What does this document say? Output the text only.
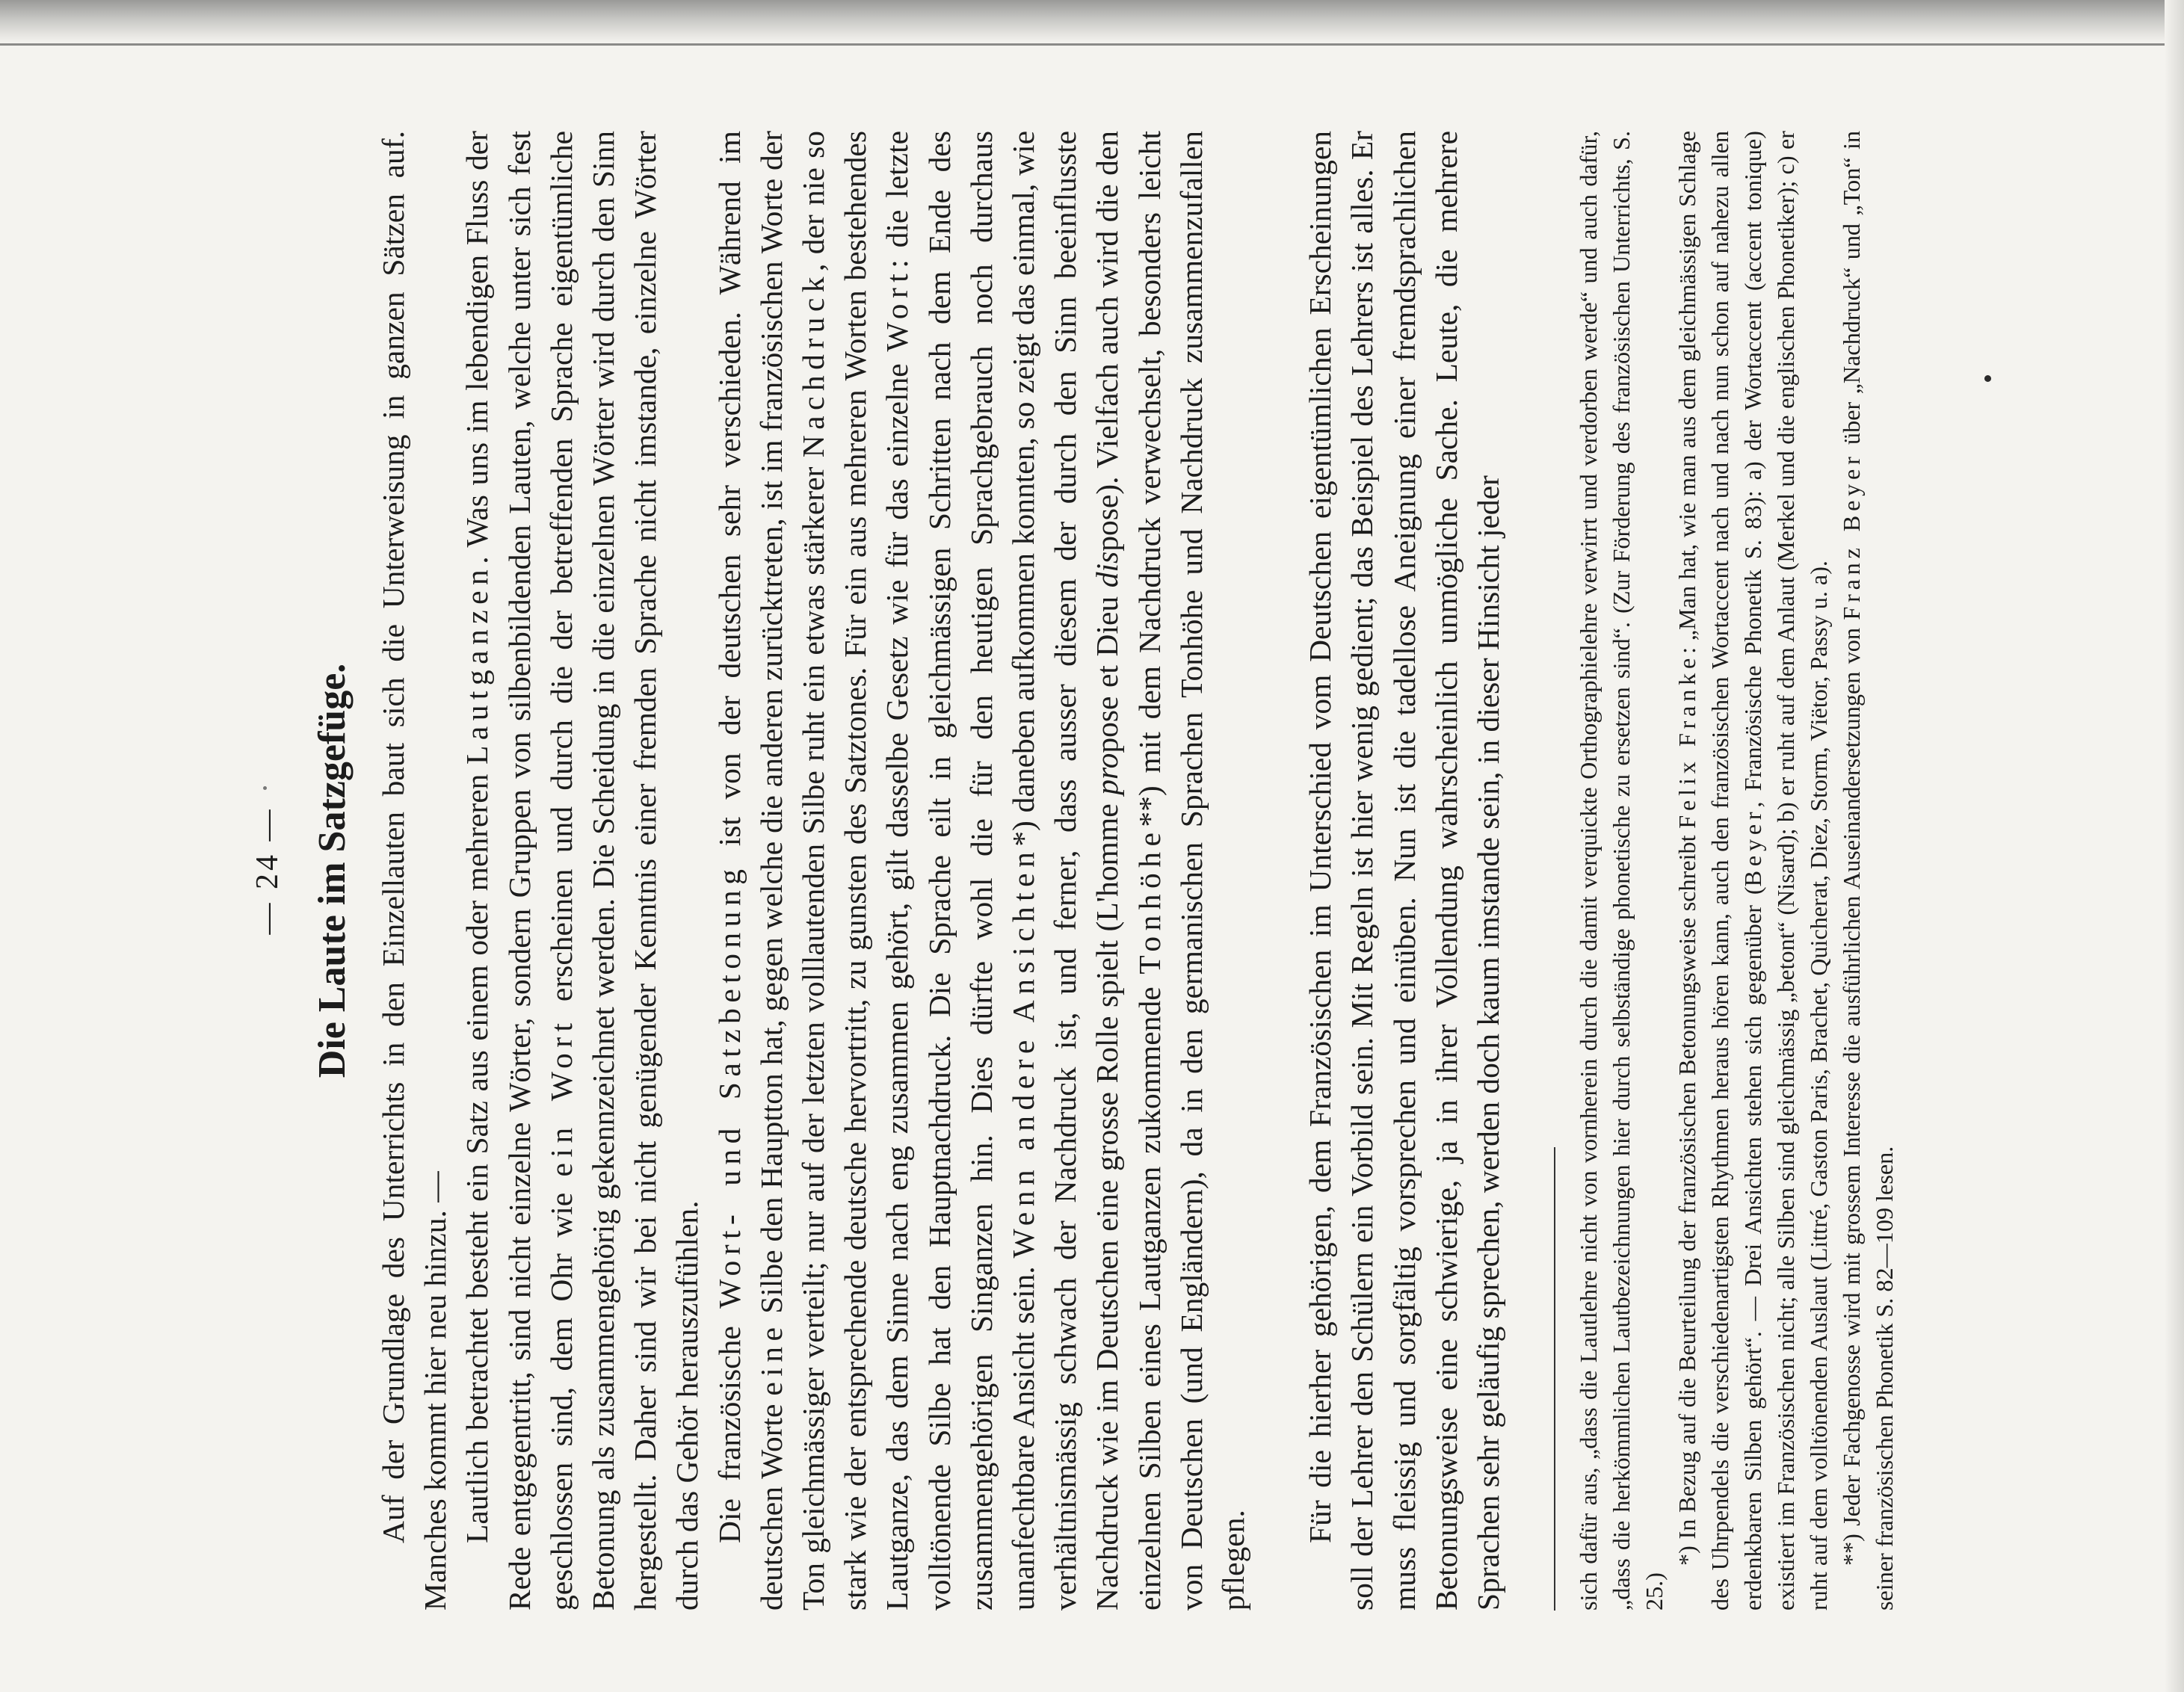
— 24 — Die Laute im Satzgefüge. Auf der Grundlage des Unterrichts in den Einzellauten baut sich die Unterweisung in ganzen Sätzen auf. Manches kommt hier neu hinzu. — Lautlich betrachtet besteht ein Satz aus einem oder mehreren Lautganzen. Was uns im lebendigen Fluss der Rede entgegentritt, sind nicht einzelne Wörter, sondern Gruppen von silbenbildenden Lauten, welche unter sich fest geschlossen sind, dem Ohr wie ein Wort erscheinen und durch die der betreffenden Sprache eigentümliche Betonung als zusammengehörig gekennzeichnet werden. Die Scheidung in die einzelnen Wörter wird durch den Sinn hergestellt. Daher sind wir bei nicht genügender Kenntnis einer fremden Sprache nicht imstande, einzelne Wörter durch das Gehör herauszufühlen. Die französische Wort- und Satzbetonung ist von der deutschen sehr verschieden. Während im deutschen Worte eine Silbe den Hauptton hat, gegen welche die anderen zurücktreten, ist im französischen Worte der Ton gleichmässiger verteilt; nur auf der letzten volllautenden Silbe ruht ein etwas stärkerer Nachdruck, der nie so stark wie der entsprechende deutsche hervortritt, zu gunsten des Satztones. Für ein aus mehreren Worten bestehendes Lautganze, das dem Sinne nach eng zusammen gehört, gilt dasselbe Gesetz wie für das einzelne Wort: die letzte volltönende Silbe hat den Hauptnachdruck. Die Sprache eilt in gleichmässigen Schritten nach dem Ende des zusammengehörigen Singanzen hin. Dies dürfte wohl die für den heutigen Sprachgebrauch noch durchaus unanfechtbare Ansicht sein. Wenn andere Ansichten*) daneben aufkommen konnten, so zeigt das einmal, wie verhältnismässig schwach der Nachdruck ist, und ferner, dass ausser diesem der durch den Sinn beeinflusste Nachdruck wie im Deutschen eine grosse Rolle spielt (L'homme propose et Dieu dispose). Vielfach auch wird die den einzelnen Silben eines Lautganzen zukommende Tonhöhe**) mit dem Nachdruck verwechselt, besonders leicht von Deutschen (und Engländern), da in den germanischen Sprachen Tonhöhe und Nachdruck zusammenzufallen pflegen.

Für die hierher gehörigen, dem Französischen im Unterschied vom Deutschen eigentümlichen Erscheinungen soll der Lehrer den Schülern ein Vorbild sein. Mit Regeln ist hier wenig gedient; das Beispiel des Lehrers ist alles. Er muss fleissig und sorgfältig vorsprechen und einüben. Nun ist die tadellose Aneignung einer fremdsprachlichen Betonungsweise eine schwierige, ja in ihrer Vollendung wahrscheinlich unmögliche Sache. Leute, die mehrere Sprachen sehr geläufig sprechen, werden doch kaum imstande sein, in dieser Hinsicht jeder	sich dafür aus, „dass die Lautlehre nicht von vornherein durch die damit verquickte Orthographielehre verwirrt und verdorben werde“ und auch dafür, „dass die herkömmlichen Lautbezeichnungen hier durch selbständige phonetische zu ersetzen sind“. (Zur Förderung des französischen Unterrichts, S. 25.)

*) In Bezug auf die Beurteilung der französischen Betonungsweise schreibt Felix Franke: „Man hat, wie man aus dem gleichmässigen Schlage des Uhrpendels die verschiedenartigsten Rhythmen heraus hören kann, auch den französischen Wortaccent nach und nach nun schon auf nahezu allen erdenkbaren Silben gehört“. — Drei Ansichten stehen sich gegenüber (Beyer, Französische Phonetik S. 83): a) der Wortaccent (accent tonique) existiert im Französischen nicht; alle Silben sind gleichmässig „betont“ (Nisard); b) er ruht auf dem Anlaut (Merkel und die englischen Phonetiker); c) er ruht auf dem volltönenden Auslaut (Littré, Gaston Paris, Brachet, Quicherat, Diez, Storm, Viëtor, Passy u. a). **) Jeder Fachgenosse wird mit grossem Interesse die ausführlichen Auseinandersetzungen von Franz Beyer über „Nachdruck“ und „Ton“ in seiner französischen Phonetik S. 82—109 lesen.
